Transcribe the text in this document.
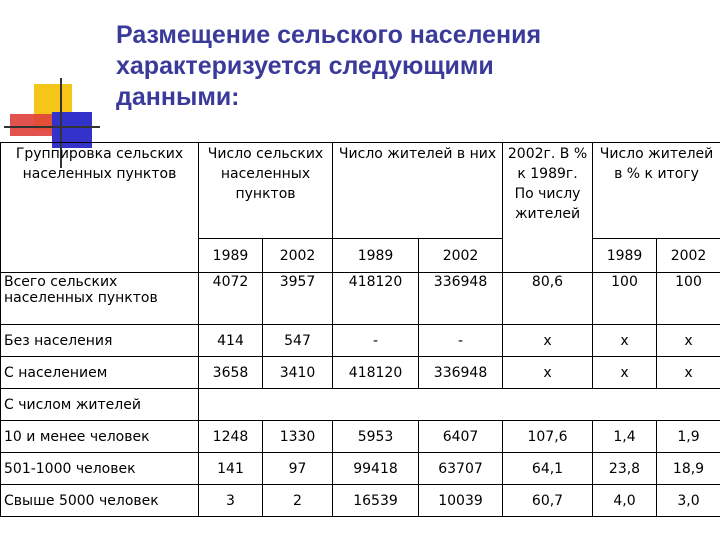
Размещение сельского населения
характеризуется следующими
данными:
Группировка сельских населенных пунктов	Число сельских населенных пунктов		Число жителей в них		2002г. В % к 1989г. По числу жителей	Число жителей в % к итогу	
	1989	2002	1989	2002		1989	2002
Всего сельских населенных пунктов	4072	3957	418120	336948	80,6	100	100
Без населения	414	547	-	-	х	х	х
С населением	3658	3410	418120	336948	х	х	х
С числом жителей							
10 и менее человек	1248	1330	5953	6407	107,6	1,4	1,9
501-1000 человек	141	97	99418	63707	64,1	23,8	18,9
Свыше 5000 человек	3	2	16539	10039	60,7	4,0	3,0
